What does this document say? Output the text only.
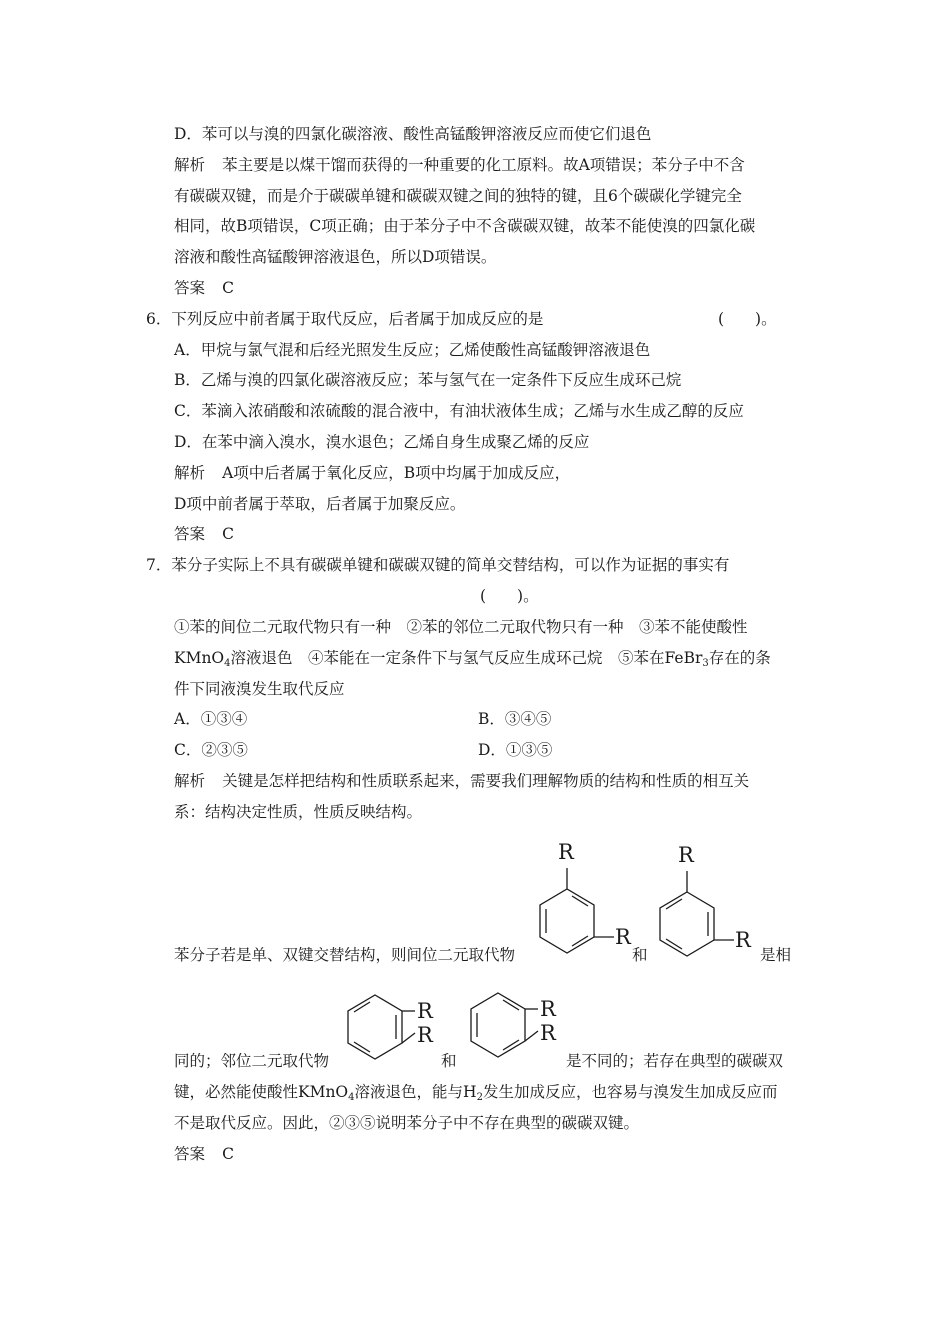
D．苯可以与溴的四氯化碳溶液、酸性高锰酸钾溶液反应而使它们退色
解析 苯主要是以煤干馏而获得的一种重要的化工原料。故A项错误；苯分子中不含
有碳碳双键，而是介于碳碳单键和碳碳双键之间的独特的键，且6个碳碳化学键完全
相同，故B项错误，C项正确；由于苯分子中不含碳碳双键，故苯不能使溴的四氯化碳
溶液和酸性高锰酸钾溶液退色，所以D项错误。
答案 C
6．下列反应中前者属于取代反应，后者属于加成反应的是	(　　)。
A．甲烷与氯气混和后经光照发生反应；乙烯使酸性高锰酸钾溶液退色
B．乙烯与溴的四氯化碳溶液反应；苯与氢气在一定条件下反应生成环己烷
C．苯滴入浓硝酸和浓硫酸的混合液中，有油状液体生成；乙烯与水生成乙醇的反应
D．在苯中滴入溴水，溴水退色；乙烯自身生成聚乙烯的反应
解析 A项中后者属于氧化反应，B项中均属于加成反应，
D项中前者属于萃取，后者属于加聚反应。
答案 C
7．苯分子实际上不具有碳碳单键和碳碳双键的简单交替结构，可以作为证据的事实有
(　　)。
①苯的间位二元取代物只有一种　②苯的邻位二元取代物只有一种　③苯不能使酸性
KMnO$_4$溶液退色　④苯能在一定条件下与氢气反应生成环己烷　⑤苯在FeBr$_3$存在的条
件下同液溴发生取代反应
A．①③④	B．③④⑤
C．②③⑤	D．①③⑤
解析 关键是怎样把结构和性质联系起来，需要我们理解物质的结构和性质的相互关
系：结构决定性质，性质反映结构。
苯分子若是单、双键交替结构，则间位二元取代物
R
R
和
R
R
是相
同的；邻位二元取代物
R
R
和
R
R
是不同的；若存在典型的碳碳双
键，必然能使酸性KMnO$_4$溶液退色，能与$H_2$发生加成反应，也容易与溴发生加成反应而
不是取代反应。因此，②③⑤说明苯分子中不存在典型的碳碳双键。
答案 C
